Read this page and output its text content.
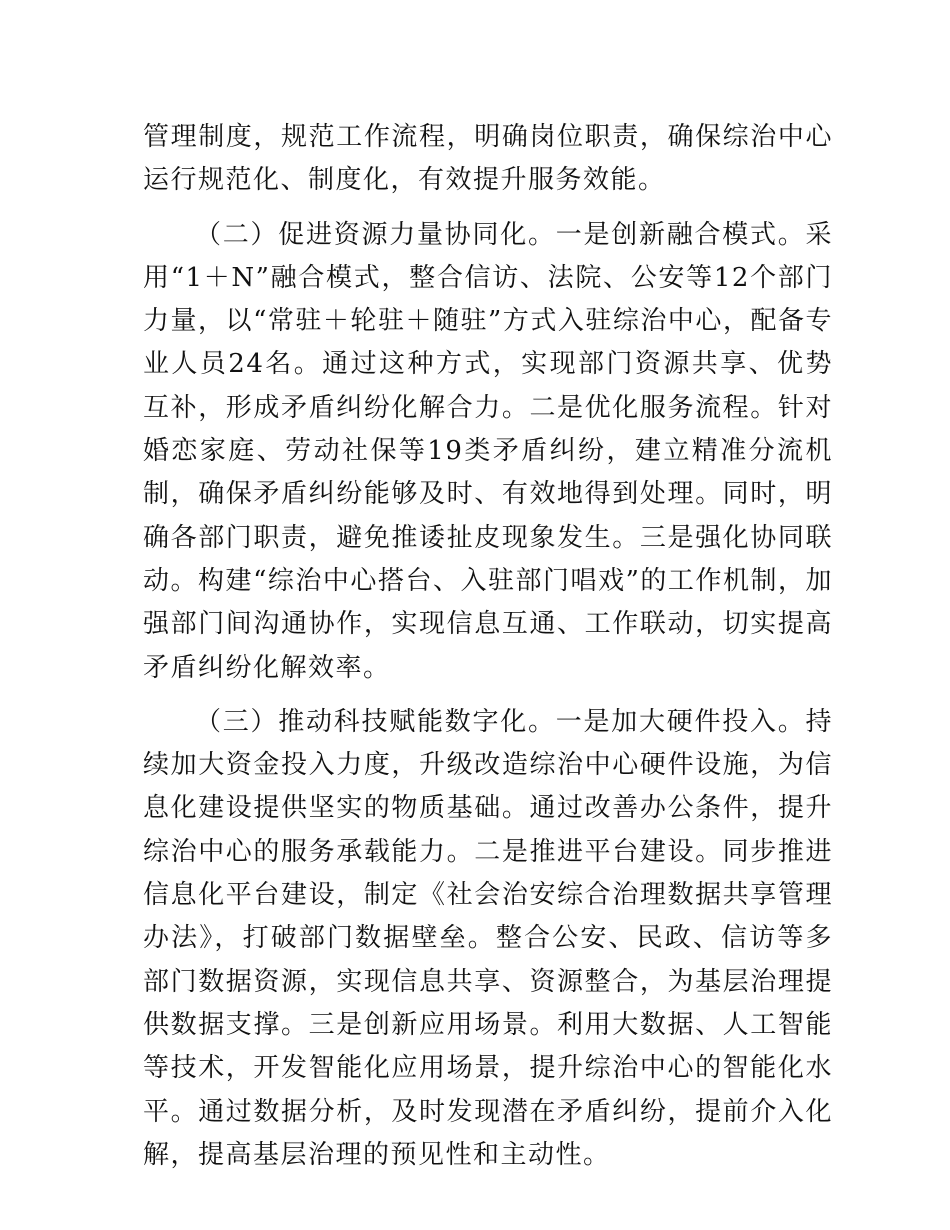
管理制度，规范工作流程，明确岗位职责，确保综治中心运行规范化、制度化，有效提升服务效能。

（二）促进资源力量协同化。一是创新融合模式。采用“1＋N”融合模式，整合信访、法院、公安等12个部门力量，以“常驻＋轮驻＋随驻”方式入驻综治中心，配备专业人员24名。通过这种方式，实现部门资源共享、优势互补，形成矛盾纠纷化解合力。二是优化服务流程。针对婚恋家庭、劳动社保等19类矛盾纠纷，建立精准分流机制，确保矛盾纠纷能够及时、有效地得到处理。同时，明确各部门职责，避免推诿扯皮现象发生。三是强化协同联动。构建“综治中心搭台、入驻部门唱戏”的工作机制，加强部门间沟通协作，实现信息互通、工作联动，切实提高矛盾纠纷化解效率。

（三）推动科技赋能数字化。一是加大硬件投入。持续加大资金投入力度，升级改造综治中心硬件设施，为信息化建设提供坚实的物质基础。通过改善办公条件，提升综治中心的服务承载能力。二是推进平台建设。同步推进信息化平台建设，制定《社会治安综合治理数据共享管理办法》，打破部门数据壁垒。整合公安、民政、信访等多部门数据资源，实现信息共享、资源整合，为基层治理提供数据支撑。三是创新应用场景。利用大数据、人工智能等技术，开发智能化应用场景，提升综治中心的智能化水平。通过数据分析，及时发现潜在矛盾纠纷，提前介入化解，提高基层治理的预见性和主动性。
